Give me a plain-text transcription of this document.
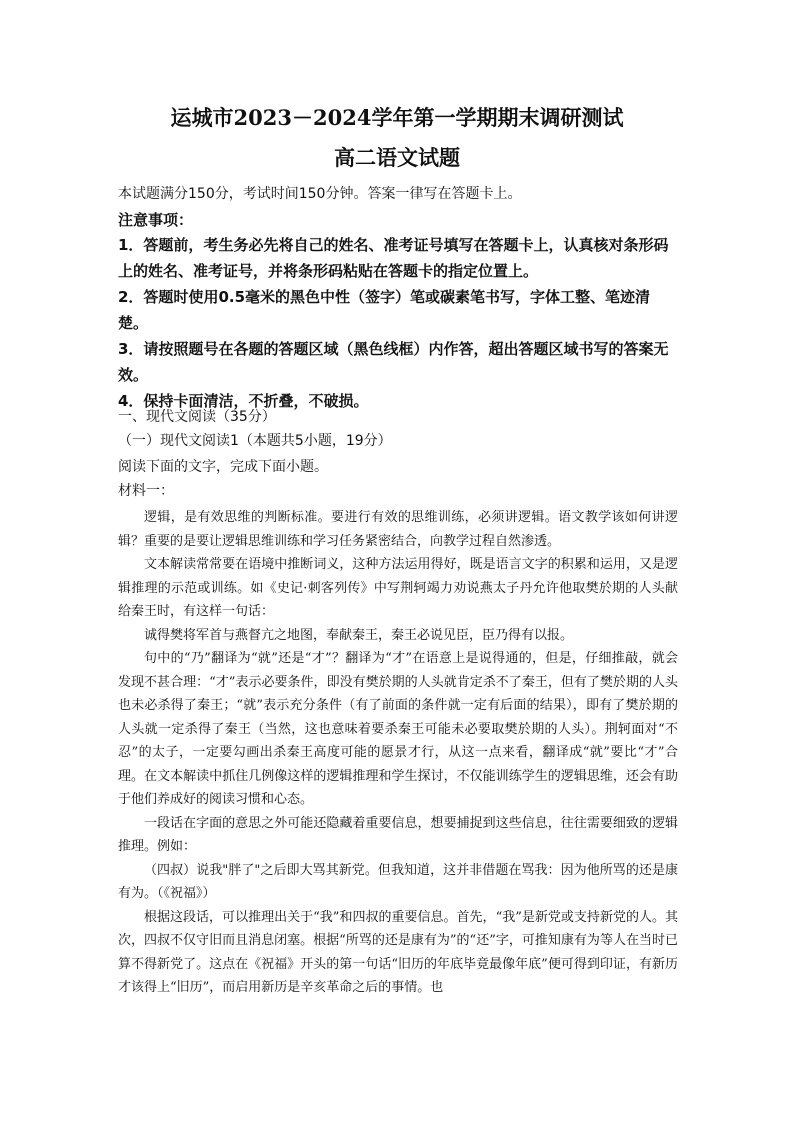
运城市2023－2024学年第一学期期末调研测试
高二语文试题
本试题满分150分，考试时间150分钟。答案一律写在答题卡上。
注意事项：

1．答题前，考生务必先将自己的姓名、准考证号填写在答题卡上，认真核对条形码上的姓名、准考证号，并将条形码粘贴在答题卡的指定位置上。

2．答题时使用0.5毫米的黑色中性（签字）笔或碳素笔书写，字体工整、笔迹清楚。

3．请按照题号在各题的答题区域（黑色线框）内作答，超出答题区域书写的答案无效。

4．保持卡面清洁，不折叠，不破损。

一、现代文阅读（35分）
（一）现代文阅读1（本题共5小题，19分）
阅读下面的文字，完成下面小题。
材料一：

逻辑，是有效思维的判断标准。要进行有效的思维训练，必须讲逻辑。语文教学该如何讲逻辑？重要的是要让逻辑思维训练和学习任务紧密结合，向教学过程自然渗透。

文本解读常常要在语境中推断词义，这种方法运用得好，既是语言文字的积累和运用，又是逻辑推理的示范或训练。如《史记·刺客列传》中写荆轲竭力劝说燕太子丹允许他取樊於期的人头献给秦王时，有这样一句话：

诚得樊将军首与燕督亢之地图，奉献秦王，秦王必说见臣，臣乃得有以报。

句中的“乃”翻译为“就”还是“才”？翻译为“才”在语意上是说得通的，但是，仔细推敲，就会发现不甚合理：“才”表示必要条件，即没有樊於期的人头就肯定杀不了秦王，但有了樊於期的人头也未必杀得了秦王；“就”表示充分条件（有了前面的条件就一定有后面的结果），即有了樊於期的人头就一定杀得了秦王（当然，这也意味着要杀秦王可能未必要取樊於期的人头）。荆轲面对“不忍”的太子，一定要勾画出杀秦王高度可能的愿景才行，从这一点来看，翻译成“就”要比“才”合理。在文本解读中抓住几例像这样的逻辑推理和学生探讨，不仅能训练学生的逻辑思维，还会有助于他们养成好的阅读习惯和心态。

一段话在字面的意思之外可能还隐藏着重要信息，想要捕捉到这些信息，往往需要细致的逻辑推理。例如：

（四叔）说我"胖了"之后即大骂其新党。但我知道，这并非借题在骂我：因为他所骂的还是康有为。（《祝福》）

根据这段话，可以推理出关于“我”和四叔的重要信息。首先，“我”是新党或支持新党的人。其次，四叔不仅守旧而且消息闭塞。根据“所骂的还是康有为”的“还”字，可推知康有为等人在当时已算不得新党了。这点在《祝福》开头的第一句话“旧历的年底毕竟最像年底”便可得到印证，有新历才该得上“旧历”，而启用新历是辛亥革命之后的事情。也
